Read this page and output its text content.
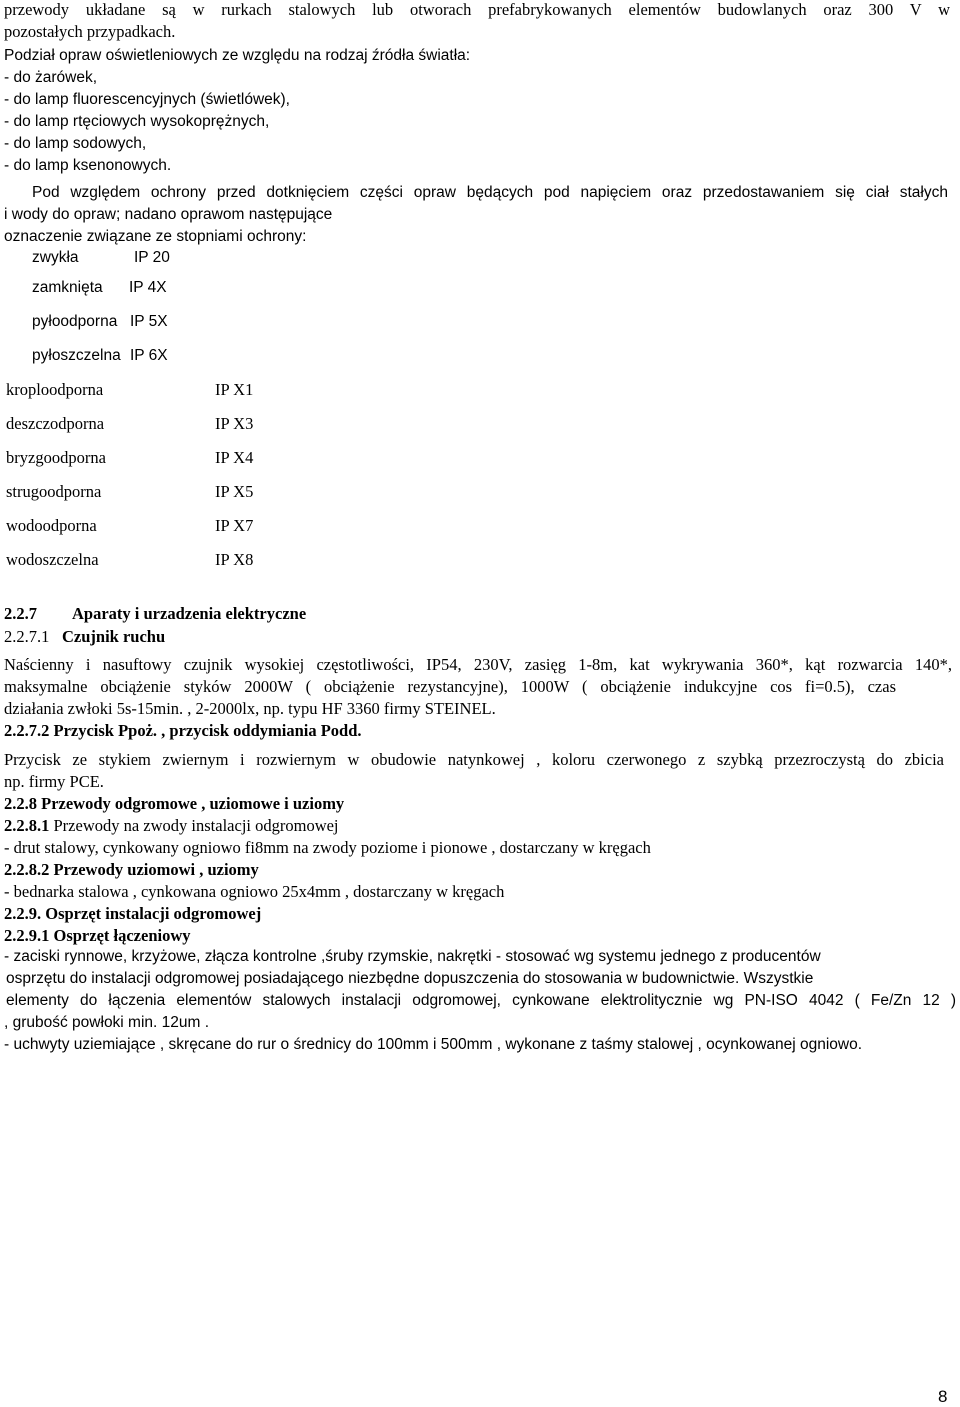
przewody układane są w rurkach stalowych lub otworach prefabrykowanych elementów budowlanych oraz 300 V w
pozostałych przypadkach.
Podział opraw oświetleniowych ze względu na rodzaj źródła światła:
- do żarówek,
- do lamp fluorescencyjnych (świetlówek),
- do lamp rtęciowych wysokoprężnych,
- do lamp sodowych,
- do lamp ksenonowych.
Pod względem ochrony przed dotknięciem części opraw będących pod napięciem oraz przedostawaniem się ciał stałych
i wody do opraw; nadano oprawom następujące
oznaczenie związane ze stopniami ochrony:
zwykła	IP 20
zamknięta IP 4X
pyłoodporna IP 5X
pyłoszczelna IP 6X
kroploodporna	IP X1
deszczodporna	IP X3
bryzgoodporna	IP X4
strugoodporna	IP X5
wodoodporna	IP X7
wodoszczelna	IP X8
2.2.7 Aparaty i urzadzenia elektryczne
2.2.7.1 Czujnik ruchu
Naścienny i nasuftowy czujnik wysokiej częstotliwości, IP54, 230V, zasięg 1-8m, kat wykrywania 360*, kąt rozwarcia 140*,
maksymalne obciążenie styków 2000W ( obciążenie rezystancyjne), 1000W ( obciążenie indukcyjne cos fi=0.5), czas
działania zwłoki 5s-15min. , 2-2000lx, np. typu HF 3360 firmy STEINEL.
2.2.7.2 Przycisk Ppoż. , przycisk oddymiania Podd.
Przycisk ze stykiem zwiernym i rozwiernym w obudowie natynkowej , koloru czerwonego z szybką przezroczystą do zbicia
np. firmy PCE.
2.2.8 Przewody odgromowe , uziomowe i uziomy
2.2.8.1 Przewody na zwody instalacji odgromowej
- drut stalowy, cynkowany ogniowo fi8mm na zwody poziome i pionowe , dostarczany w kręgach
2.2.8.2 Przewody uziomowi , uziomy
- bednarka stalowa , cynkowana ogniowo 25x4mm , dostarczany w kręgach
2.2.9. Osprzęt instalacji odgromowej
2.2.9.1 Osprzęt łączeniowy
- zaciski rynnowe, krzyżowe, złącza kontrolne ,śruby rzymskie, nakrętki - stosować wg systemu jednego z producentów
osprzętu do instalacji odgromowej posiadającego niezbędne dopuszczenia do stosowania w budownictwie. Wszystkie
elementy do łączenia elementów stalowych instalacji odgromowej, cynkowane elektrolitycznie wg PN-ISO 4042 ( Fe/Zn 12 )
, grubość powłoki min. 12um .
- uchwyty uziemiające , skręcane do rur o średnicy do 100mm i 500mm , wykonane z taśmy stalowej , ocynkowanej ogniowo.
8
